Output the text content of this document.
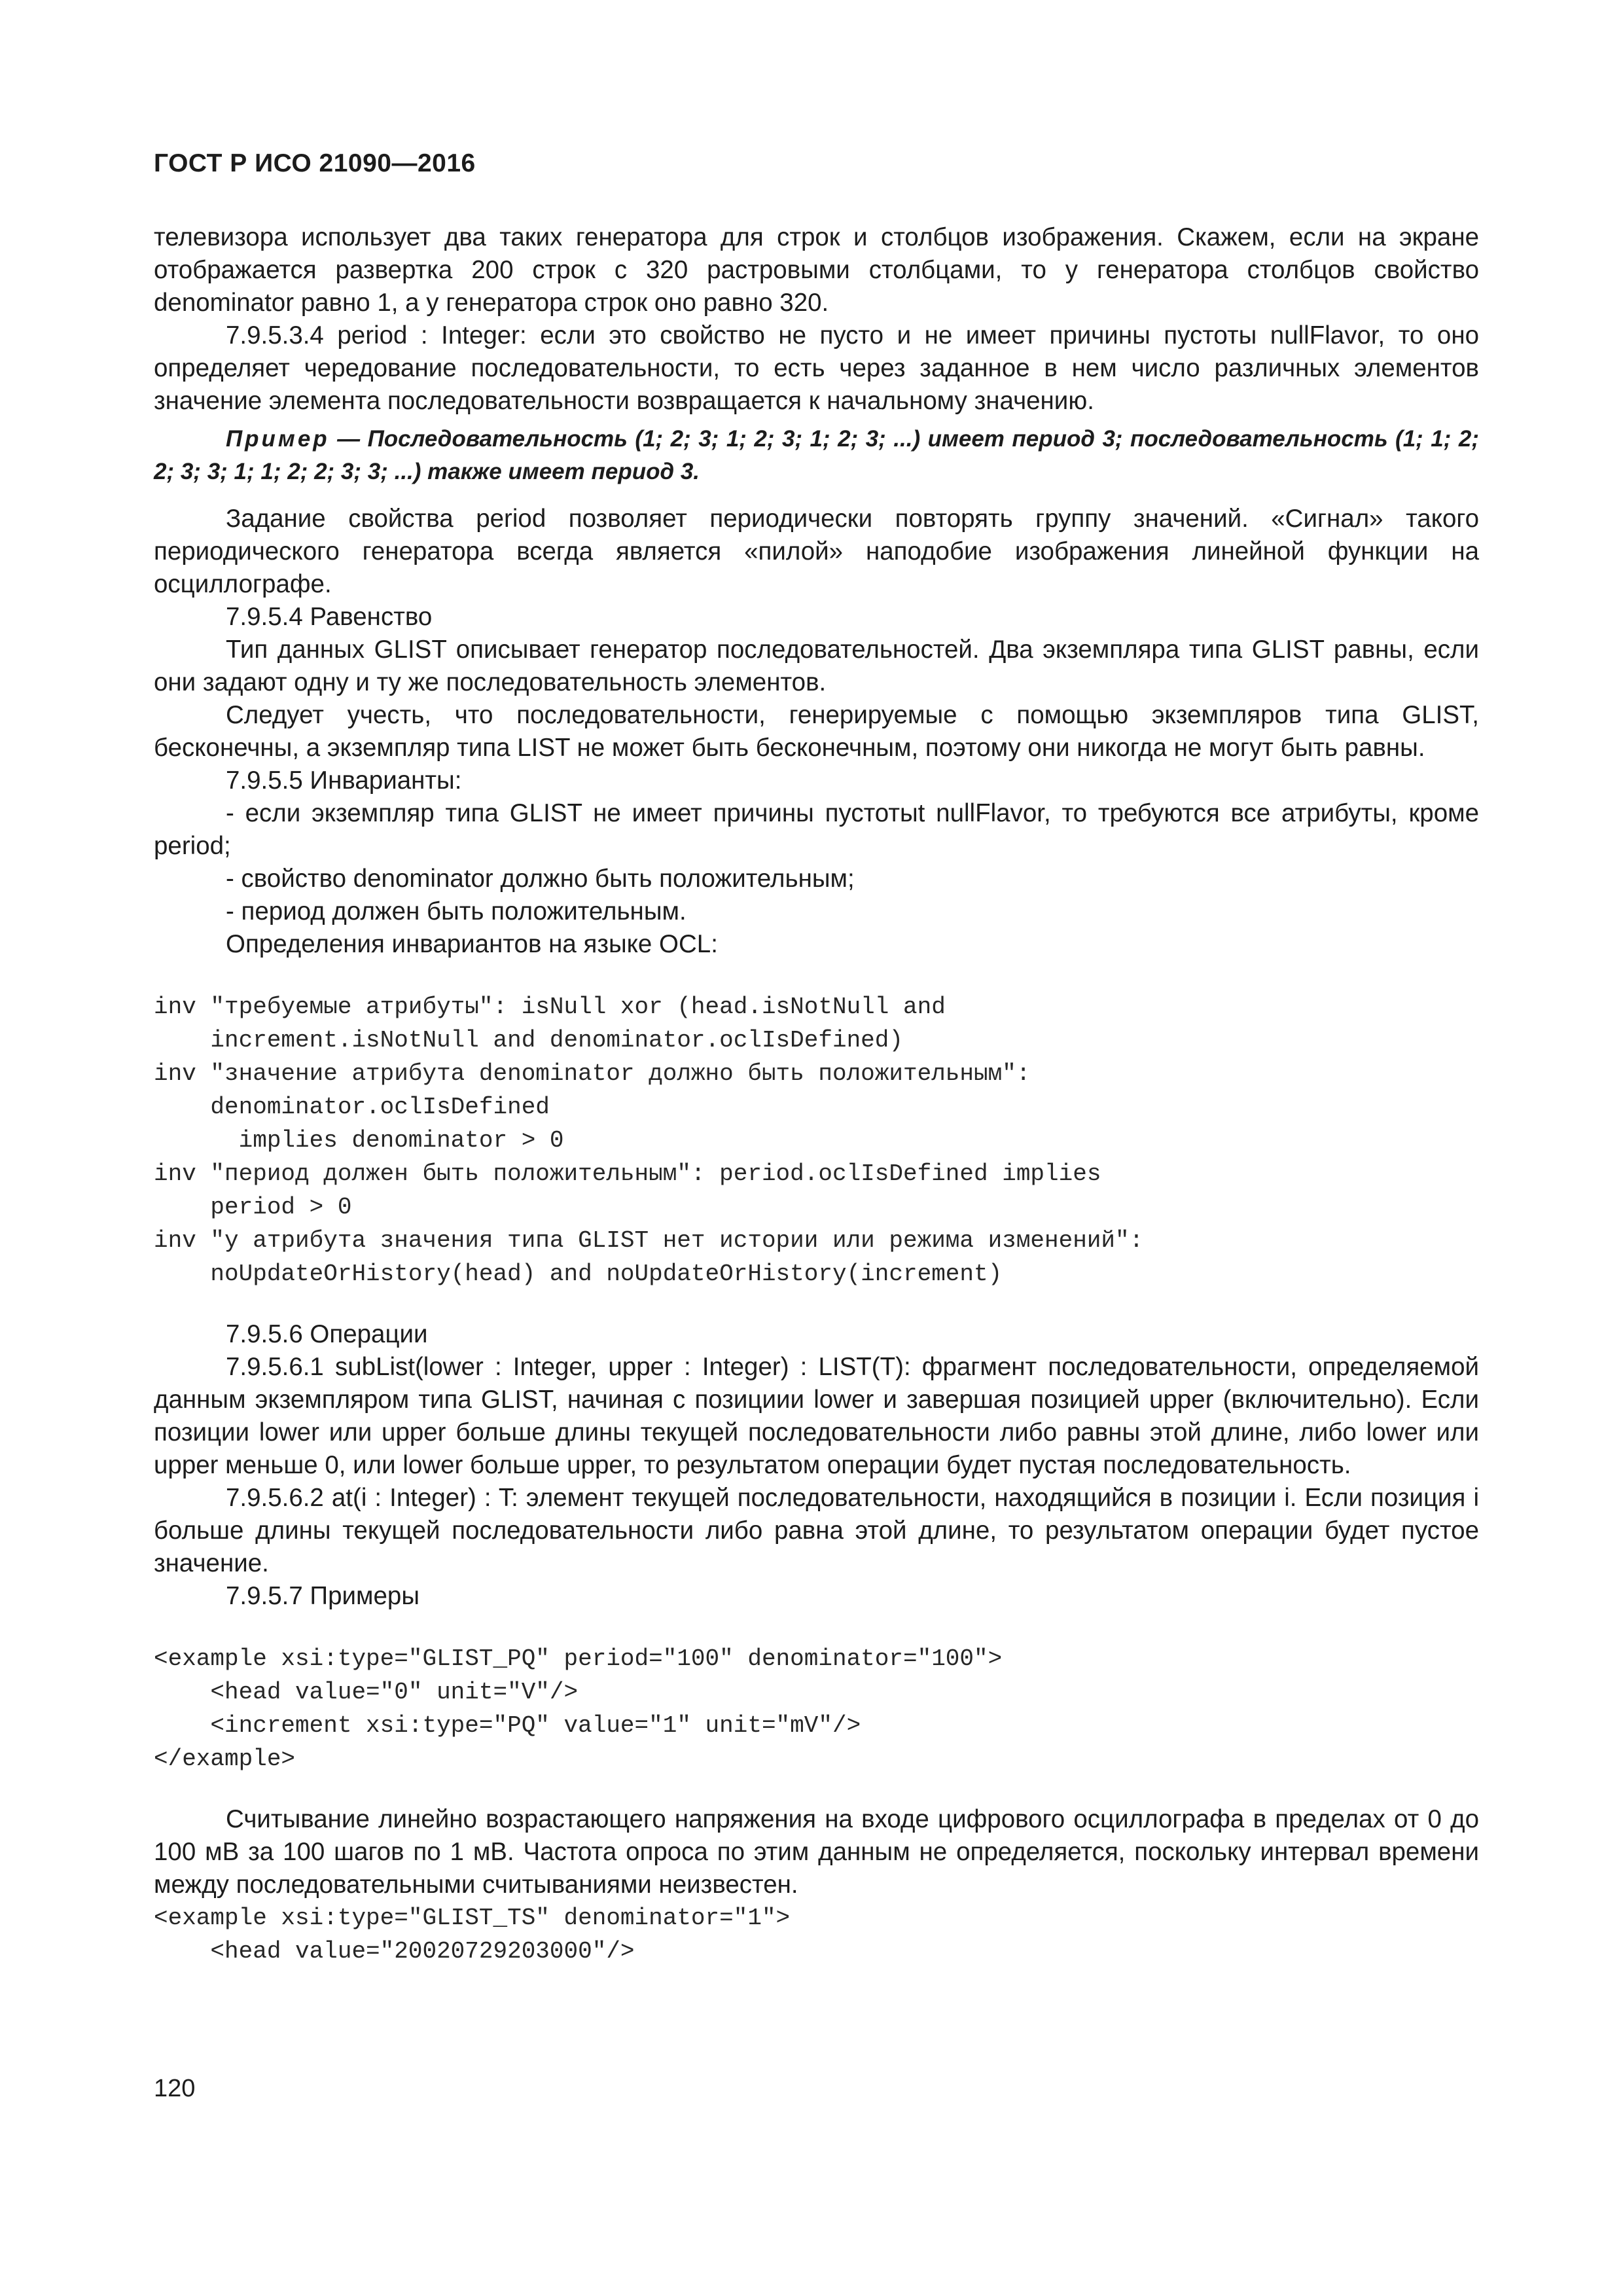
ГОСТ Р ИСО 21090—2016

телевизора использует два таких генератора для строк и столбцов изображения. Скажем, если на экране отображается развертка 200 строк с 320 растровыми столбцами, то у генератора столбцов свойство denominator равно 1, а у генератора строк оно равно 320.

7.9.5.3.4 period : Integer: если это свойство не пусто и не имеет причины пустоты nullFlavor, то оно определяет чередование последовательности, то есть через заданное в нем число различных элементов значение элемента последовательности возвращается к начальному значению.

Пример — Последовательность (1; 2; 3; 1; 2; 3; 1; 2; 3; ...) имеет период 3; последовательность (1; 1; 2; 2; 3; 3; 1; 1; 2; 2; 3; 3; ...) также имеет период 3.

Задание свойства period позволяет периодически повторять группу значений. «Сигнал» такого периодического генератора всегда является «пилой» наподобие изображения линейной функции на осциллографе.

7.9.5.4 Равенство

Тип данных GLIST описывает генератор последовательностей. Два экземпляра типа GLIST равны, если они задают одну и ту же последовательность элементов.

Следует учесть, что последовательности, генерируемые с помощью экземпляров типа GLIST, бесконечны, а экземпляр типа LIST не может быть бесконечным, поэтому они никогда не могут быть равны.

7.9.5.5 Инварианты:

- если экземпляр типа GLIST не имеет причины пустотыt nullFlavor, то требуются все атрибуты, кроме period;

- свойство denominator должно быть положительным;

- период должен быть положительным.

Определения инвариантов на языке OCL:

inv "требуемые атрибуты": isNull xor (head.isNotNull and
increment.isNotNull and denominator.oclIsDefined)
inv "значение атрибута denominator должно быть положительным":
denominator.oclIsDefined
implies denominator > 0
inv "период должен быть положительным": period.oclIsDefined implies
period > 0
inv "у атрибута значения типа GLIST нет истории или режима изменений":
noUpdateOrHistory(head) and noUpdateOrHistory(increment)

7.9.5.6 Операции

7.9.5.6.1 subList(lower : Integer, upper : Integer) : LIST(T): фрагмент последовательности, определяемой данным экземпляром типа GLIST, начиная с позициии lower и завершая позицией upper (включительно). Если позиции lower или upper больше длины текущей последовательности либо равны этой длине, либо lower или upper меньше 0, или lower больше upper, то результатом операции будет пустая последовательность.

7.9.5.6.2 at(i : Integer) : T: элемент текущей последовательности, находящийся в позиции i. Если позиция i больше длины текущей последовательности либо равна этой длине, то результатом операции будет пустое значение.

7.9.5.7 Примеры

<example xsi:type="GLIST_PQ" period="100" denominator="100">
<head value="0" unit="V"/>
<increment xsi:type="PQ" value="1" unit="mV"/>
</example>

Считывание линейно возрастающего напряжения на входе цифрового осциллографа в пределах от 0 до 100 мВ за 100 шагов по 1 мВ. Частота опроса по этим данным не определяется, поскольку интервал времени между последовательными считываниями неизвестен.

<example xsi:type="GLIST_TS" denominator="1">
<head value="20020729203000"/>
120
